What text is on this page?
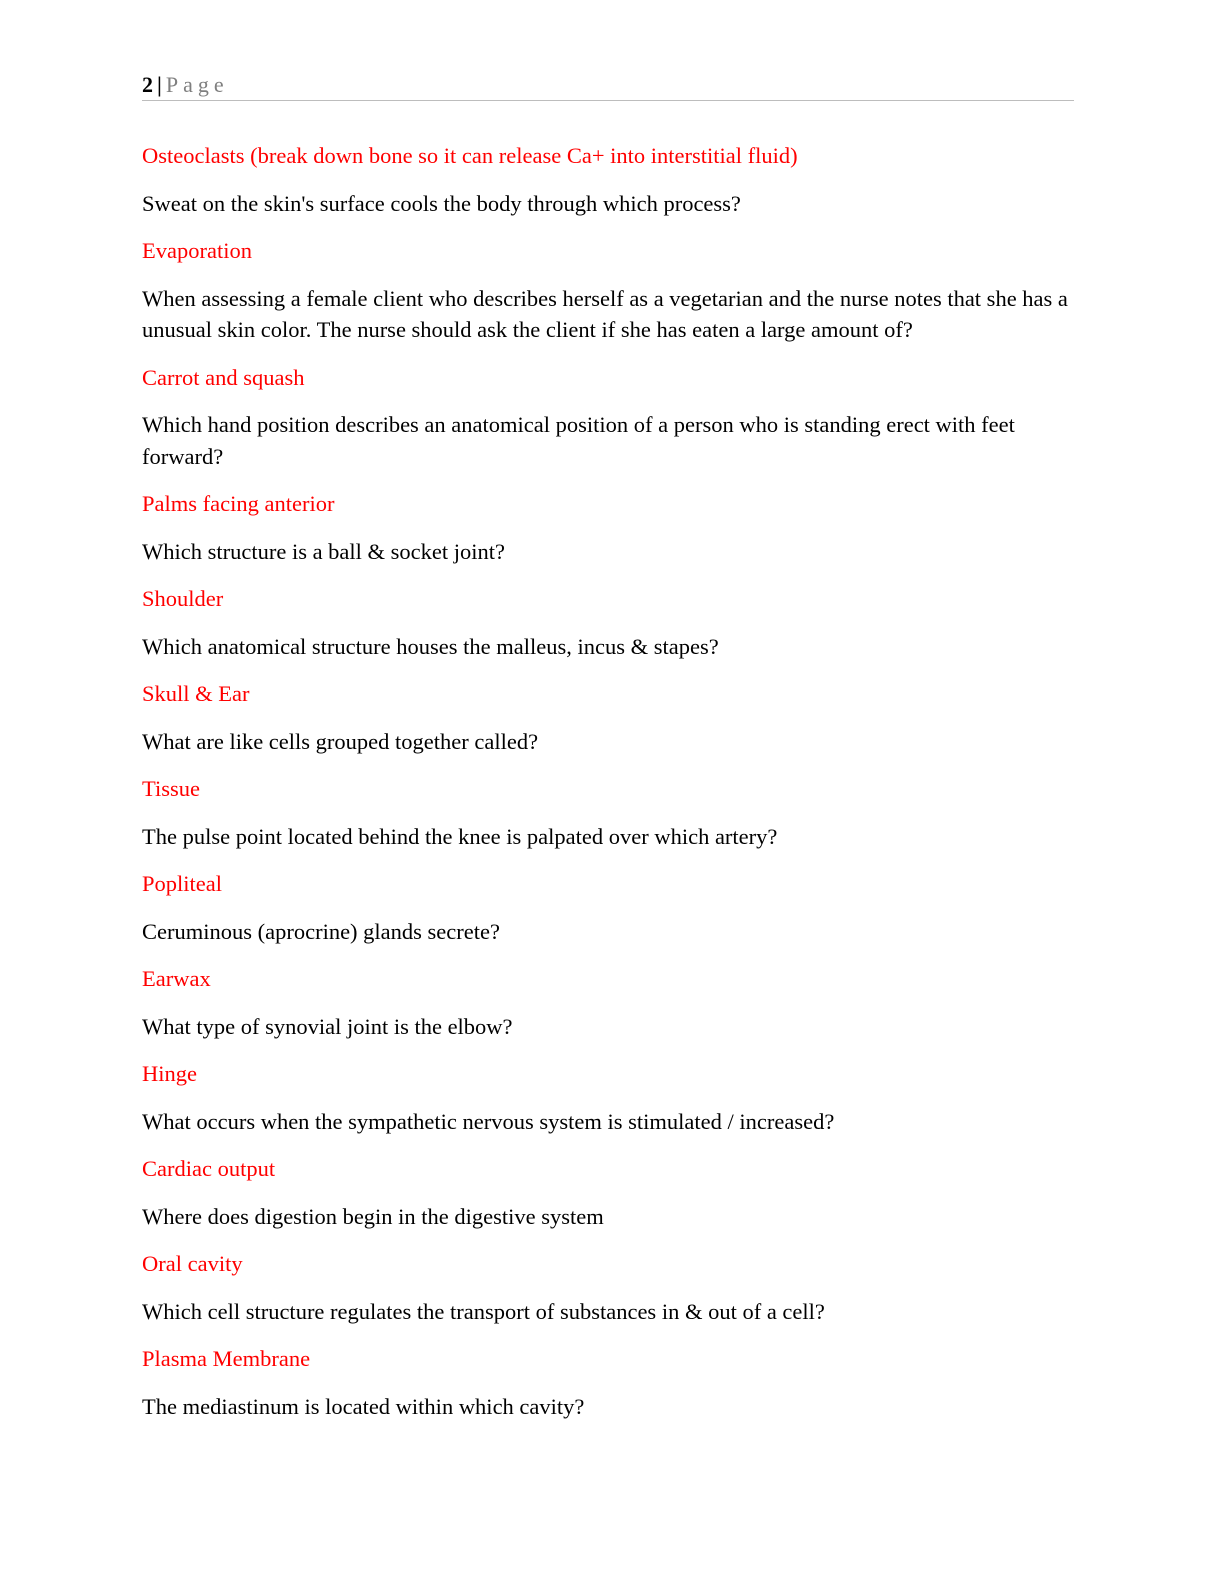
2 | Page

Osteoclasts (break down bone so it can release Ca+ into interstitial fluid)

Sweat on the skin's surface cools the body through which process?

Evaporation

When assessing a female client who describes herself as a vegetarian and the nurse notes that she has a unusual skin color. The nurse should ask the client if she has eaten a large amount of?

Carrot and squash

Which hand position describes an anatomical position of a person who is standing erect with feet forward?

Palms facing anterior

Which structure is a ball & socket joint?

Shoulder

Which anatomical structure houses the malleus, incus & stapes?

Skull & Ear

What are like cells grouped together called?

Tissue

The pulse point located behind the knee is palpated over which artery?

Popliteal

Ceruminous (aprocrine) glands secrete?

Earwax

What type of synovial joint is the elbow?

Hinge

What occurs when the sympathetic nervous system is stimulated / increased?

Cardiac output

Where does digestion begin in the digestive system

Oral cavity

Which cell structure regulates the transport of substances in & out of a cell?

Plasma Membrane

The mediastinum is located within which cavity?
